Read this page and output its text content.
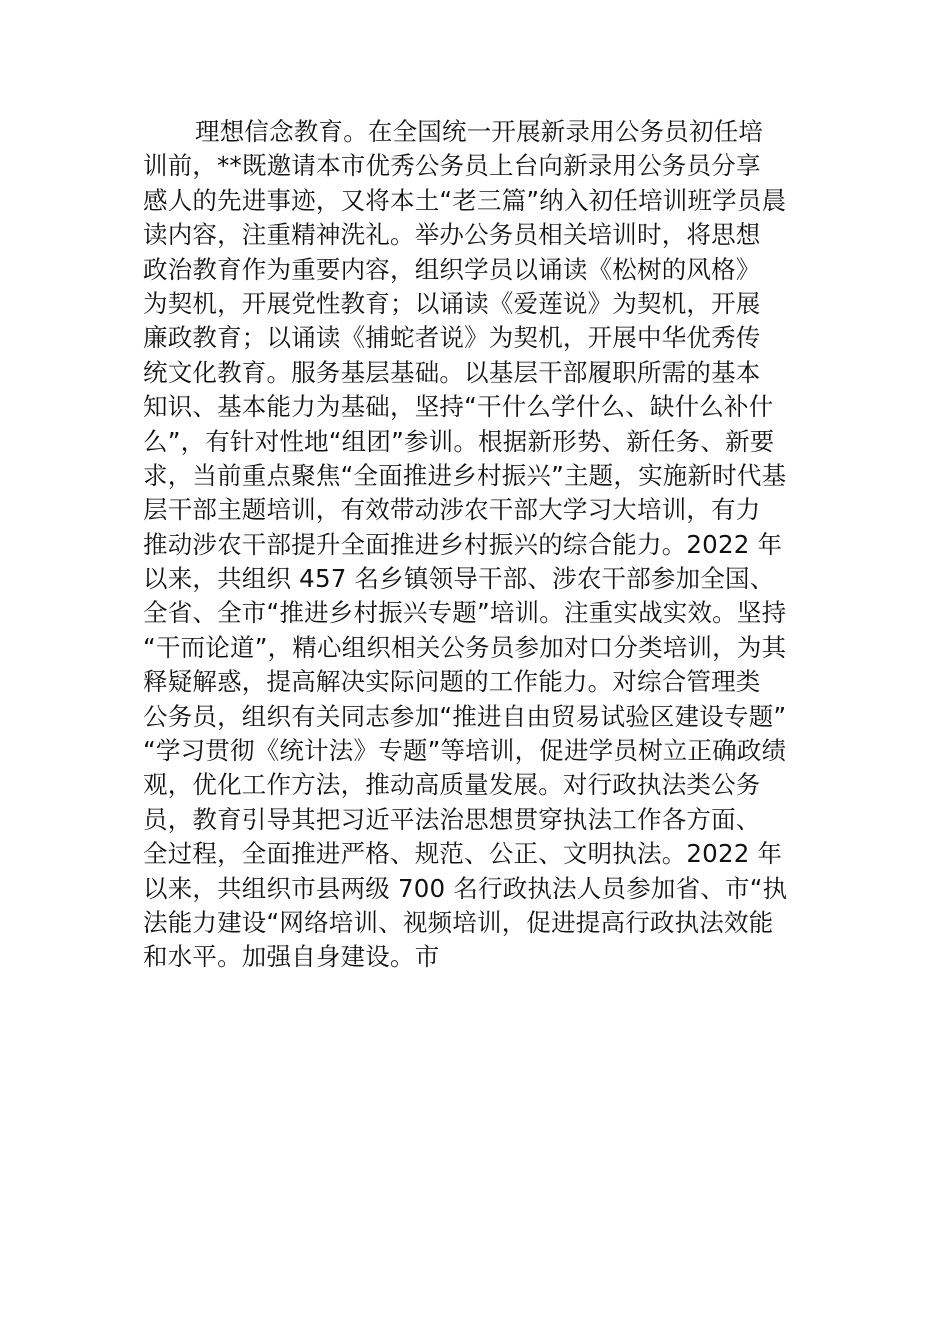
理想信念教育。在全国统一开展新录用公务员初任培
训前，**既邀请本市优秀公务员上台向新录用公务员分享
感人的先进事迹，又将本土“老三篇”纳入初任培训班学员晨
读内容，注重精神洗礼。举办公务员相关培训时，将思想
政治教育作为重要内容，组织学员以诵读《松树的风格》
为契机，开展党性教育；以诵读《爱莲说》为契机，开展
廉政教育；以诵读《捕蛇者说》为契机，开展中华优秀传
统文化教育。服务基层基础。以基层干部履职所需的基本
知识、基本能力为基础，坚持“干什么学什么、缺什么补什
么”，有针对性地“组团”参训。根据新形势、新任务、新要
求，当前重点聚焦“全面推进乡村振兴”主题，实施新时代基
层干部主题培训，有效带动涉农干部大学习大培训，有力
推动涉农干部提升全面推进乡村振兴的综合能力。2022 年
以来，共组织 457 名乡镇领导干部、涉农干部参加全国、
全省、全市“推进乡村振兴专题”培训。注重实战实效。坚持
“干而论道”，精心组织相关公务员参加对口分类培训，为其
释疑解惑，提高解决实际问题的工作能力。对综合管理类
公务员，组织有关同志参加“推进自由贸易试验区建设专题”
“学习贯彻《统计法》专题”等培训，促进学员树立正确政绩
观，优化工作方法，推动高质量发展。对行政执法类公务
员，教育引导其把习近平法治思想贯穿执法工作各方面、
全过程，全面推进严格、规范、公正、文明执法。2022 年
以来，共组织市县两级 700 名行政执法人员参加省、市“执
法能力建设“网络培训、视频培训，促进提高行政执法效能
和水平。加强自身建设。市
